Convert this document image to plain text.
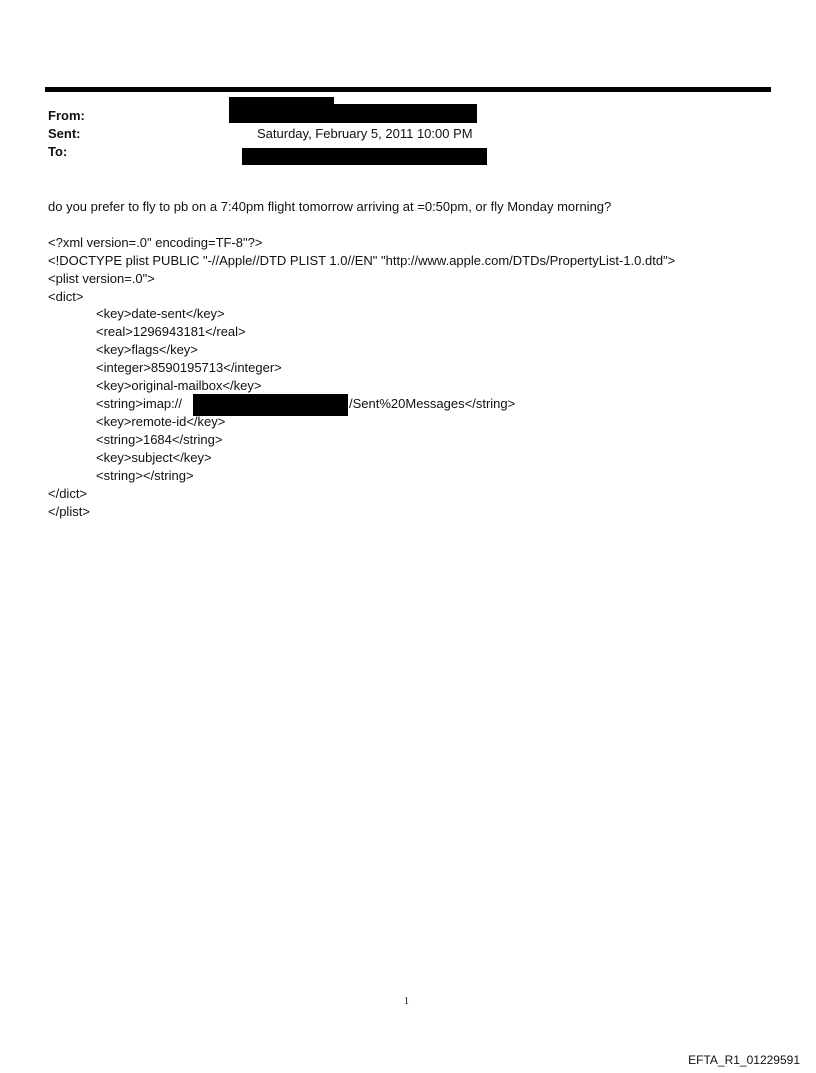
From:
Sent:	Saturday, February 5, 2011 10:00 PM
To:
do you prefer to fly to pb on a 7:40pm flight tomorrow arriving at =0:50pm, or fly Monday morning?
<?xml version=.0" encoding=TF-8"?>
<!DOCTYPE plist PUBLIC "-//Apple//DTD PLIST 1.0//EN" "http://www.apple.com/DTDs/PropertyList-1.0.dtd">
<plist version=.0">
<dict>
<key>date-sent</key>
<real>1296943181</real>
<key>flags</key>
<integer>8590195713</integer>
<key>original-mailbox</key>
<string>imap://	/Sent%20Messages</string>
<key>remote-id</key>
<string>1684</string>
<key>subject</key>
<string></string>
</dict>
</plist>
1
EFTA_R1_01229591
